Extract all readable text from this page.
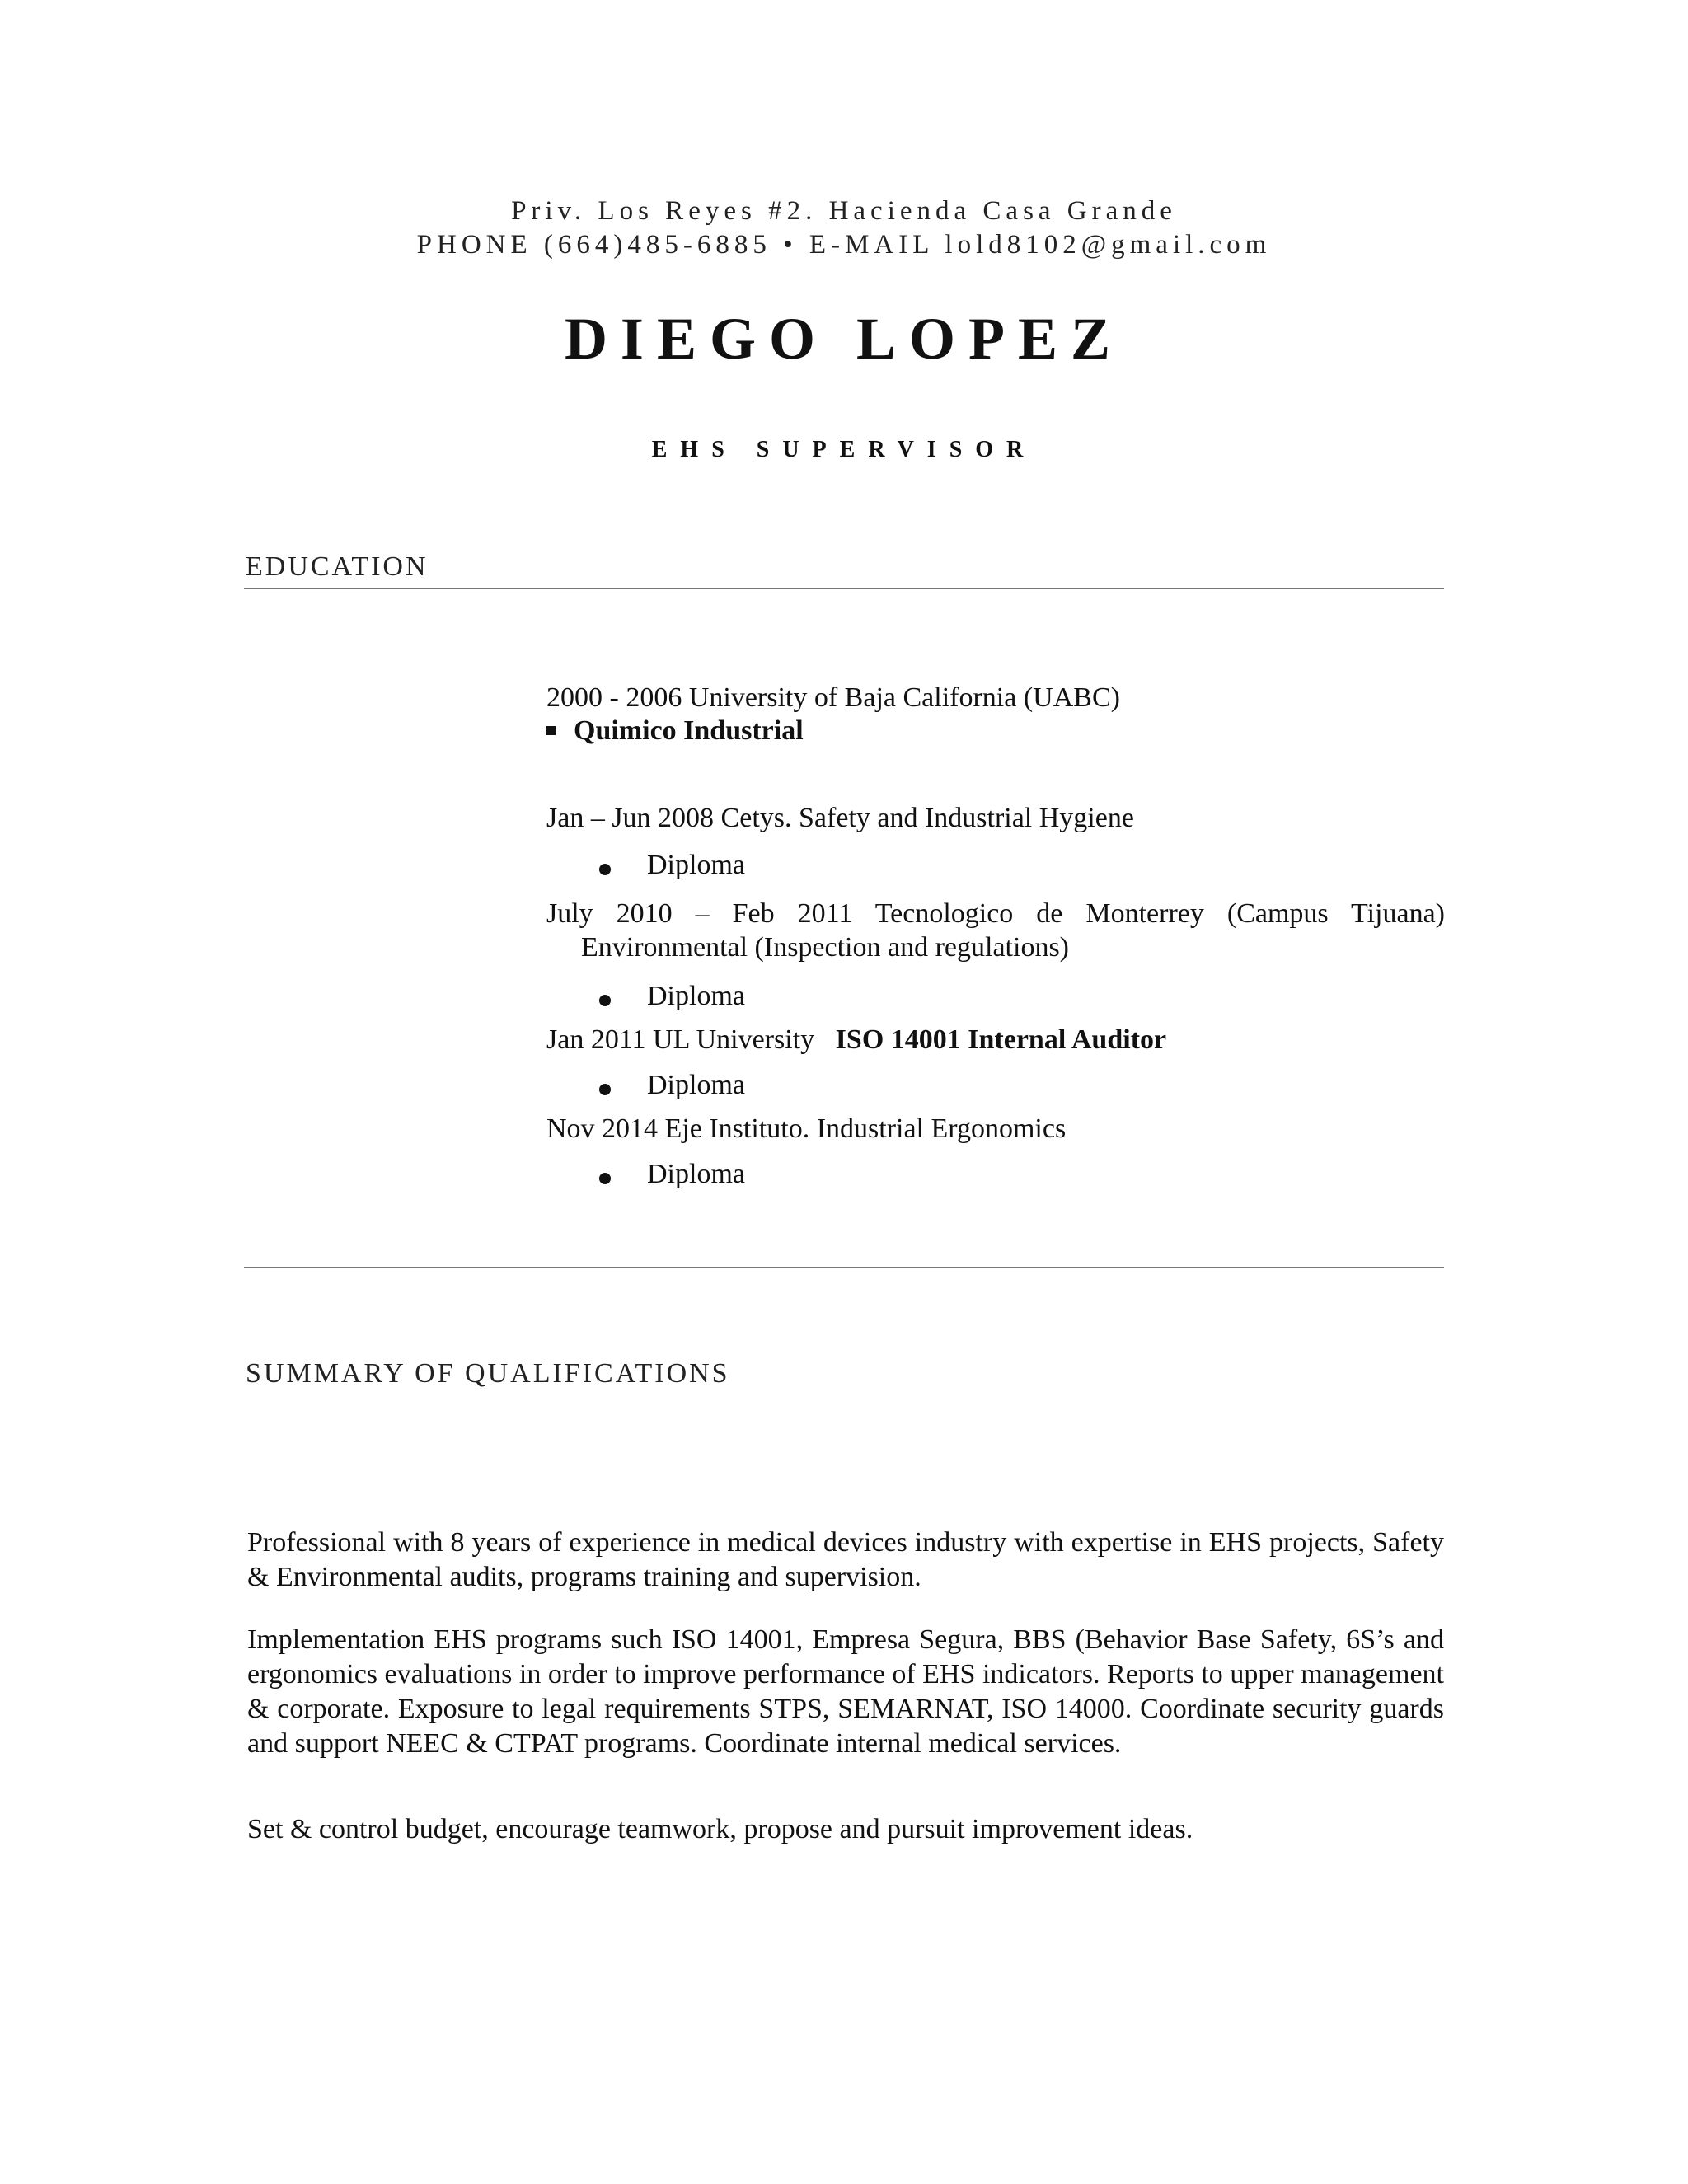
Priv. Los Reyes #2. Hacienda Casa Grande
PHONE (664)485-6885 • E-MAIL lold8102@gmail.com
DIEGO LOPEZ
EHS SUPERVISOR
EDUCATION
2000 - 2006 University of Baja California (UABC)
Quimico Industrial
Jan – Jun 2008 Cetys. Safety and Industrial Hygiene
Diploma
July 2010 – Feb 2011 Tecnologico de Monterrey (Campus Tijuana)
Environmental (Inspection and regulations)
Diploma
Jan 2011 UL University ISO 14001 Internal Auditor
Diploma
Nov 2014 Eje Instituto. Industrial Ergonomics
Diploma
SUMMARY OF QUALIFICATIONS
Professional with 8 years of experience in medical devices industry with expertise in EHS projects, Safety & Environmental audits, programs training and supervision.
Implementation EHS programs such ISO 14001, Empresa Segura, BBS (Behavior Base Safety, 6S’s and ergonomics evaluations in order to improve performance of EHS indicators. Reports to upper management & corporate. Exposure to legal requirements STPS, SEMARNAT, ISO 14000. Coordinate security guards and support NEEC & CTPAT programs. Coordinate internal medical services.
Set & control budget, encourage teamwork, propose and pursuit improvement ideas.
